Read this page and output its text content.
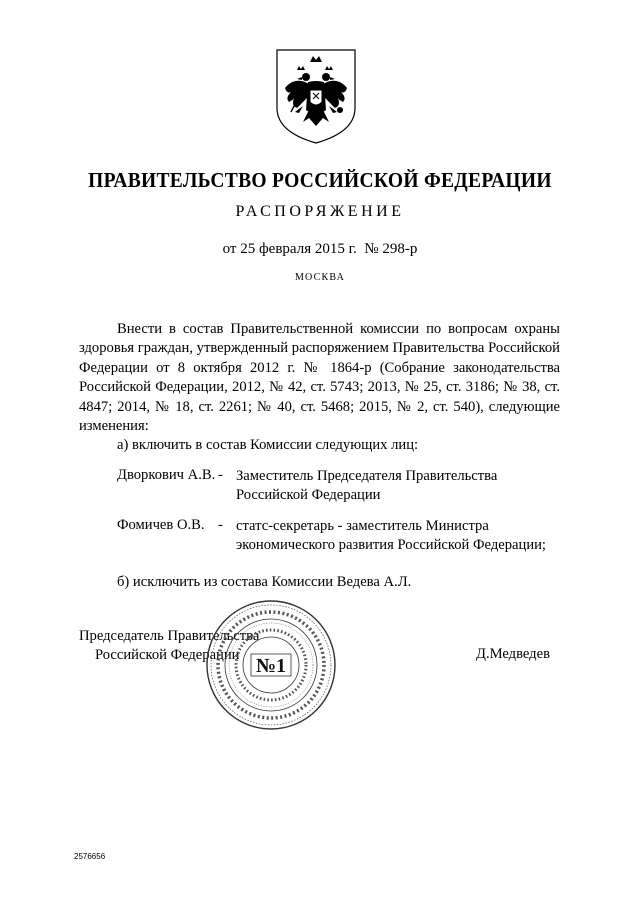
ПРАВИТЕЛЬСТВО РОССИЙСКОЙ ФЕДЕРАЦИИ
РАСПОРЯЖЕНИЕ
от 25 февраля 2015 г.  № 298-р
МОСКВА
Внести в состав Правительственной комиссии по вопросам охраны здоровья граждан, утвержденный распоряжением Правительства Российской Федерации от 8 октября 2012 г. № 1864-р (Собрание законодательства Российской Федерации, 2012, № 42, ст. 5743; 2013, № 25, ст. 3186; № 38, ст. 4847; 2014, № 18, ст. 2261; № 40, ст. 5468; 2015, № 2, ст. 540), следующие изменения:
а) включить в состав Комиссии следующих лиц:
Дворкович А.В. - Заместитель Председателя Правительства
Российской Федерации
Фомичев О.В. - статс-секретарь - заместитель Министра
экономического развития Российской Федерации;
б) исключить из состава Комиссии Ведева А.Л.
Председатель Правительства
Российской Федерации	Д.Медведев
№1
2576656
